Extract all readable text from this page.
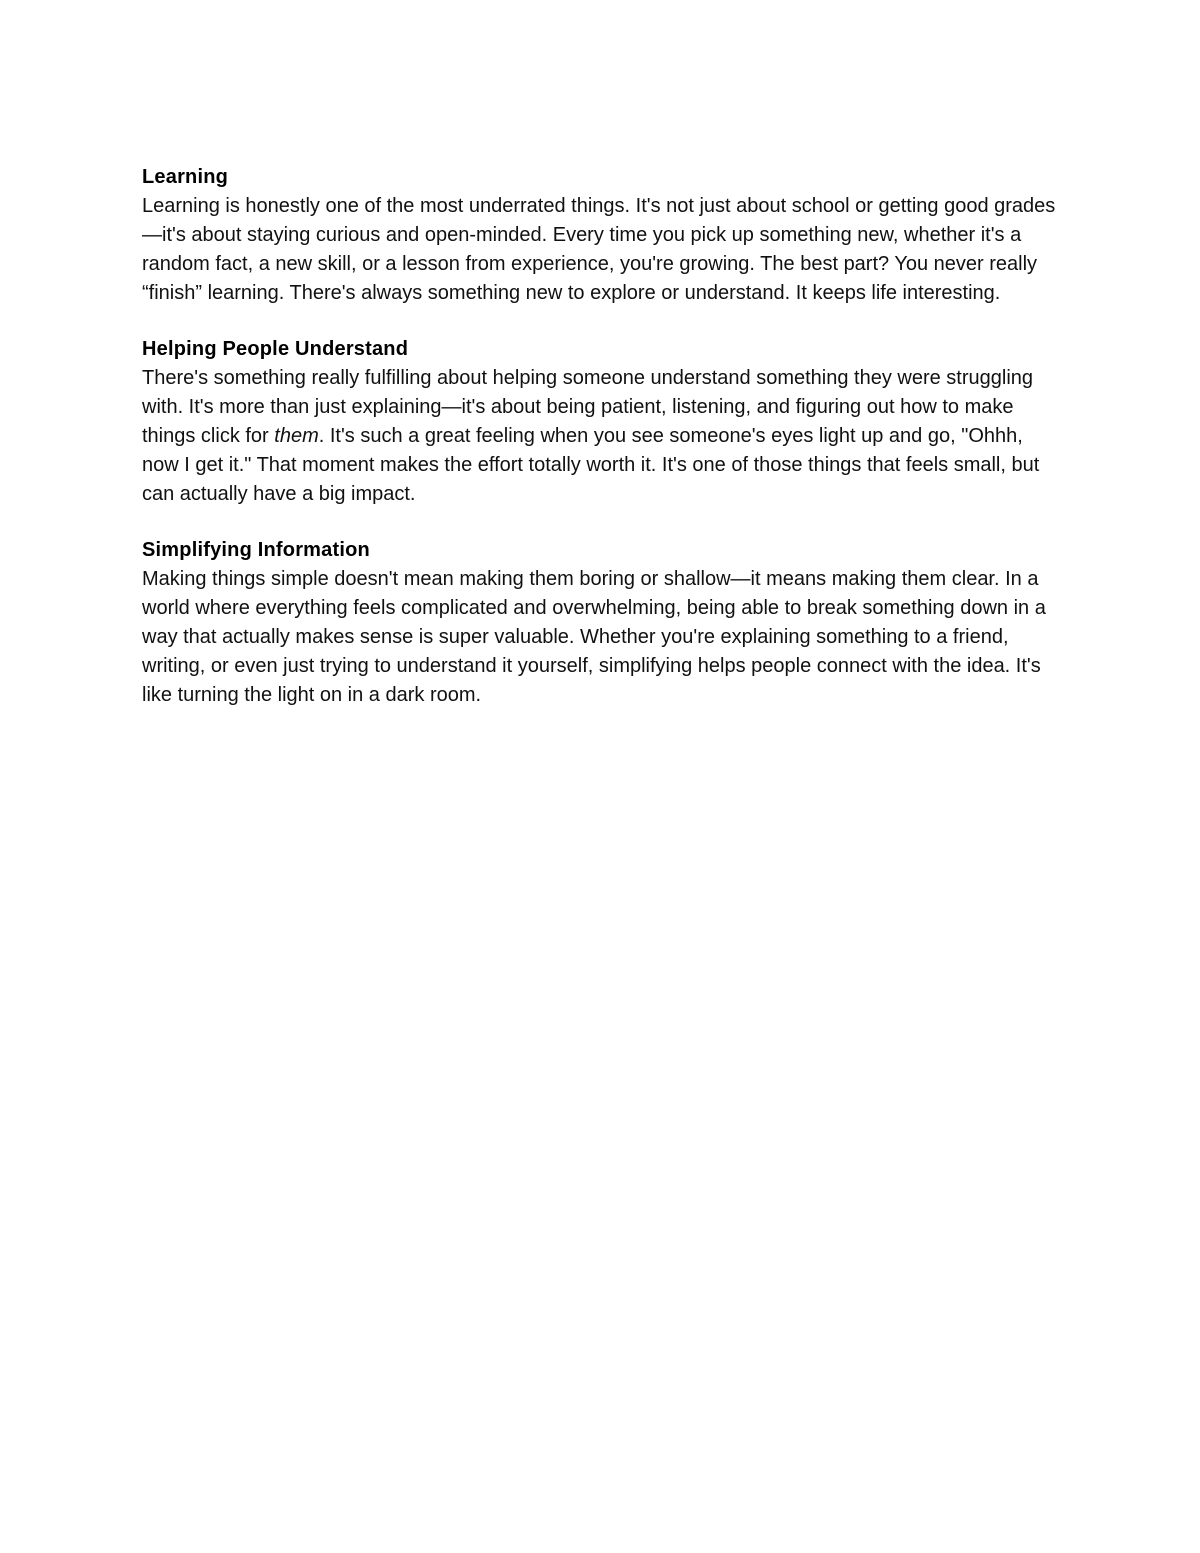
Learning

Learning is honestly one of the most underrated things. It's not just about school or getting good grades—it's about staying curious and open-minded. Every time you pick up something new, whether it's a random fact, a new skill, or a lesson from experience, you're growing. The best part? You never really “finish” learning. There's always something new to explore or understand. It keeps life interesting.

Helping People Understand

There's something really fulfilling about helping someone understand something they were struggling with. It's more than just explaining—it's about being patient, listening, and figuring out how to make things click for them. It's such a great feeling when you see someone's eyes light up and go, "Ohhh, now I get it." That moment makes the effort totally worth it. It's one of those things that feels small, but can actually have a big impact.

Simplifying Information

Making things simple doesn't mean making them boring or shallow—it means making them clear. In a world where everything feels complicated and overwhelming, being able to break something down in a way that actually makes sense is super valuable. Whether you're explaining something to a friend, writing, or even just trying to understand it yourself, simplifying helps people connect with the idea. It's like turning the light on in a dark room.
